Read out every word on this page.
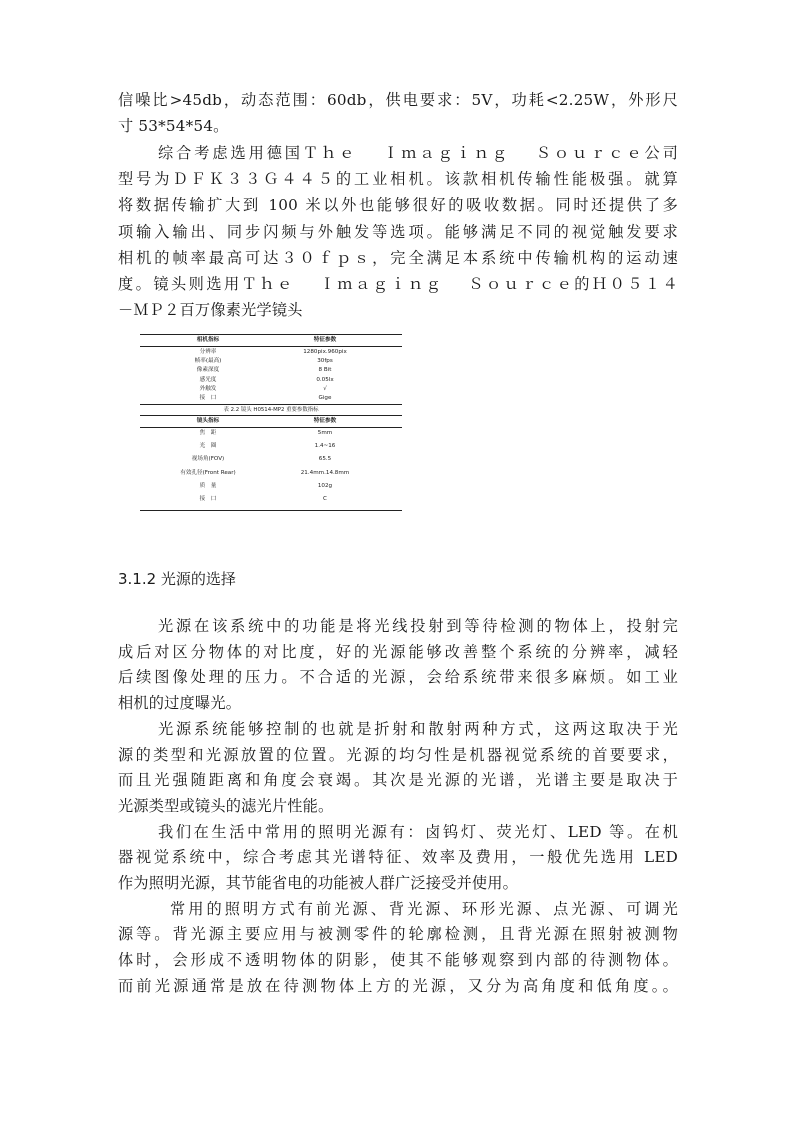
信噪比>45db，动态范围：60db，供电要求：5V，功耗<2.25W，外形尺
寸 53*54*54。
综合考虑选用德国Ｔｈｅ　 Ｉｍａｇｉｎｇ　 Ｓｏｕｒｃｅ公司
型号为ＤＦＫ３３Ｇ４４５的工业相机。该款相机传输性能极强。就算
将数据传输扩大到 100 米以外也能够很好的吸收数据。同时还提供了多
项输入输出、同步闪频与外触发等选项。能够满足不同的视觉触发要求
相机的帧率最高可达３０ｆｐｓ，完全满足本系统中传输机构的运动速
度。镜头则选用Ｔｈｅ　 Ｉｍａｇｉｎｇ　 Ｓｏｕｒｃｅ的Ｈ０５１４
－ＭＰ２百万像素光学镜头
相机指标	特征参数
分辨率	1280pix.960pix
帧率(最高)	30fps
像素深度	8 Bit
感光度	0.05lx
外触发	√
接　口	Gige
表 2.2 镜头 H0514-MP2 重要参数指标
镜头指标	特征参数
焦　距	5mm
光　圈	1.4~16
视场角(FOV)	65.5
有效孔径(Front Rear)	21.4mm.14.8mm
质　量	102g
接　口	C
3.1.2 光源的选择
光源在该系统中的功能是将光线投射到等待检测的物体上，投射完
成后对区分物体的对比度，好的光源能够改善整个系统的分辨率，减轻
后续图像处理的压力。不合适的光源，会给系统带来很多麻烦。如工业
相机的过度曝光。
光源系统能够控制的也就是折射和散射两种方式，这两这取决于光
源的类型和光源放置的位置。光源的均匀性是机器视觉系统的首要要求，
而且光强随距离和角度会衰竭。其次是光源的光谱，光谱主要是取决于
光源类型或镜头的滤光片性能。
我们在生活中常用的照明光源有：卤钨灯、荧光灯、LED 等。在机
器视觉系统中，综合考虑其光谱特征、效率及费用，一般优先选用 LED
作为照明光源，其节能省电的功能被人群广泛接受并使用。
常用的照明方式有前光源、背光源、环形光源、点光源、可调光
源等。背光源主要应用与被测零件的轮廓检测，且背光源在照射被测物
体时，会形成不透明物体的阴影，使其不能够观察到内部的待测物体。
而前光源通常是放在待测物体上方的光源，又分为高角度和低角度。。
